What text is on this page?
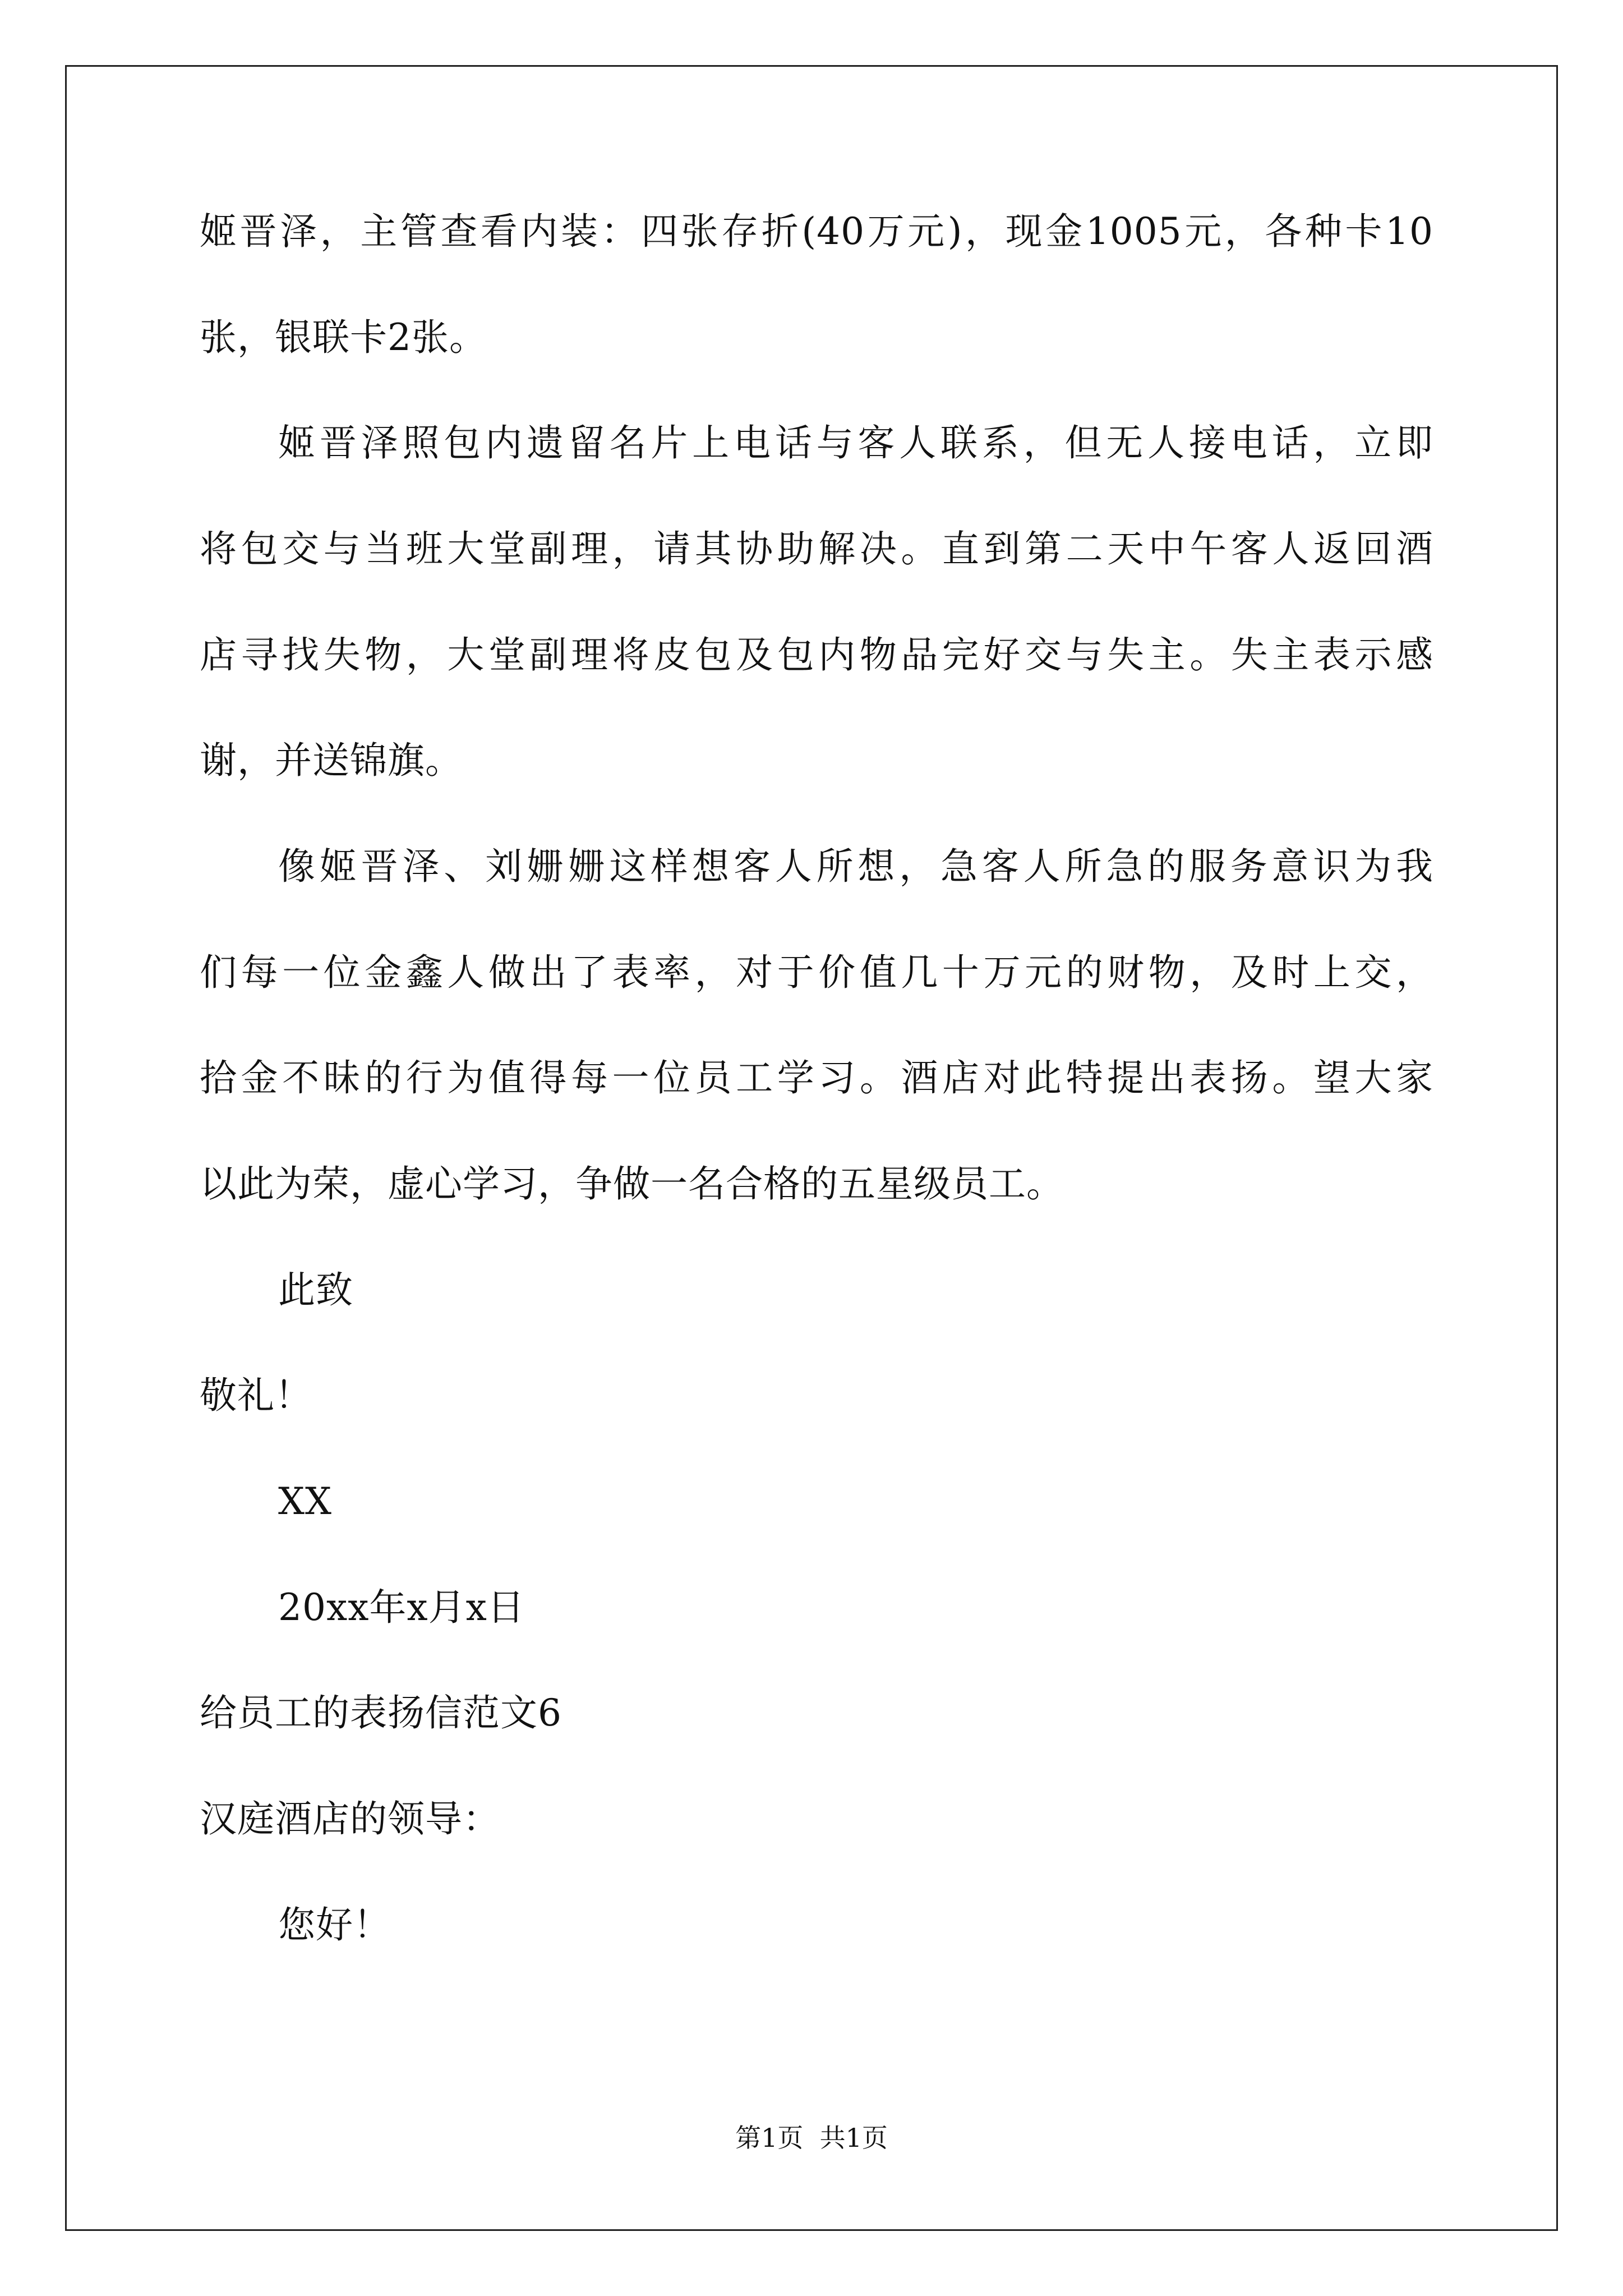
姬晋泽，主管查看内装：四张存折(40万元)，现金1005元，各种卡10
张，银联卡2张。
姬晋泽照包内遗留名片上电话与客人联系，但无人接电话，立即
将包交与当班大堂副理，请其协助解决。直到第二天中午客人返回酒
店寻找失物，大堂副理将皮包及包内物品完好交与失主。失主表示感
谢，并送锦旗。
像姬晋泽、刘姗姗这样想客人所想，急客人所急的服务意识为我
们每一位金鑫人做出了表率，对于价值几十万元的财物，及时上交，
拾金不昧的行为值得每一位员工学习。酒店对此特提出表扬。望大家
以此为荣，虚心学习，争做一名合格的五星级员工。
此致
敬礼！
XX
20xx年x月x日
给员工的表扬信范文6
汉庭酒店的领导：
您好！
第1页  共1页
